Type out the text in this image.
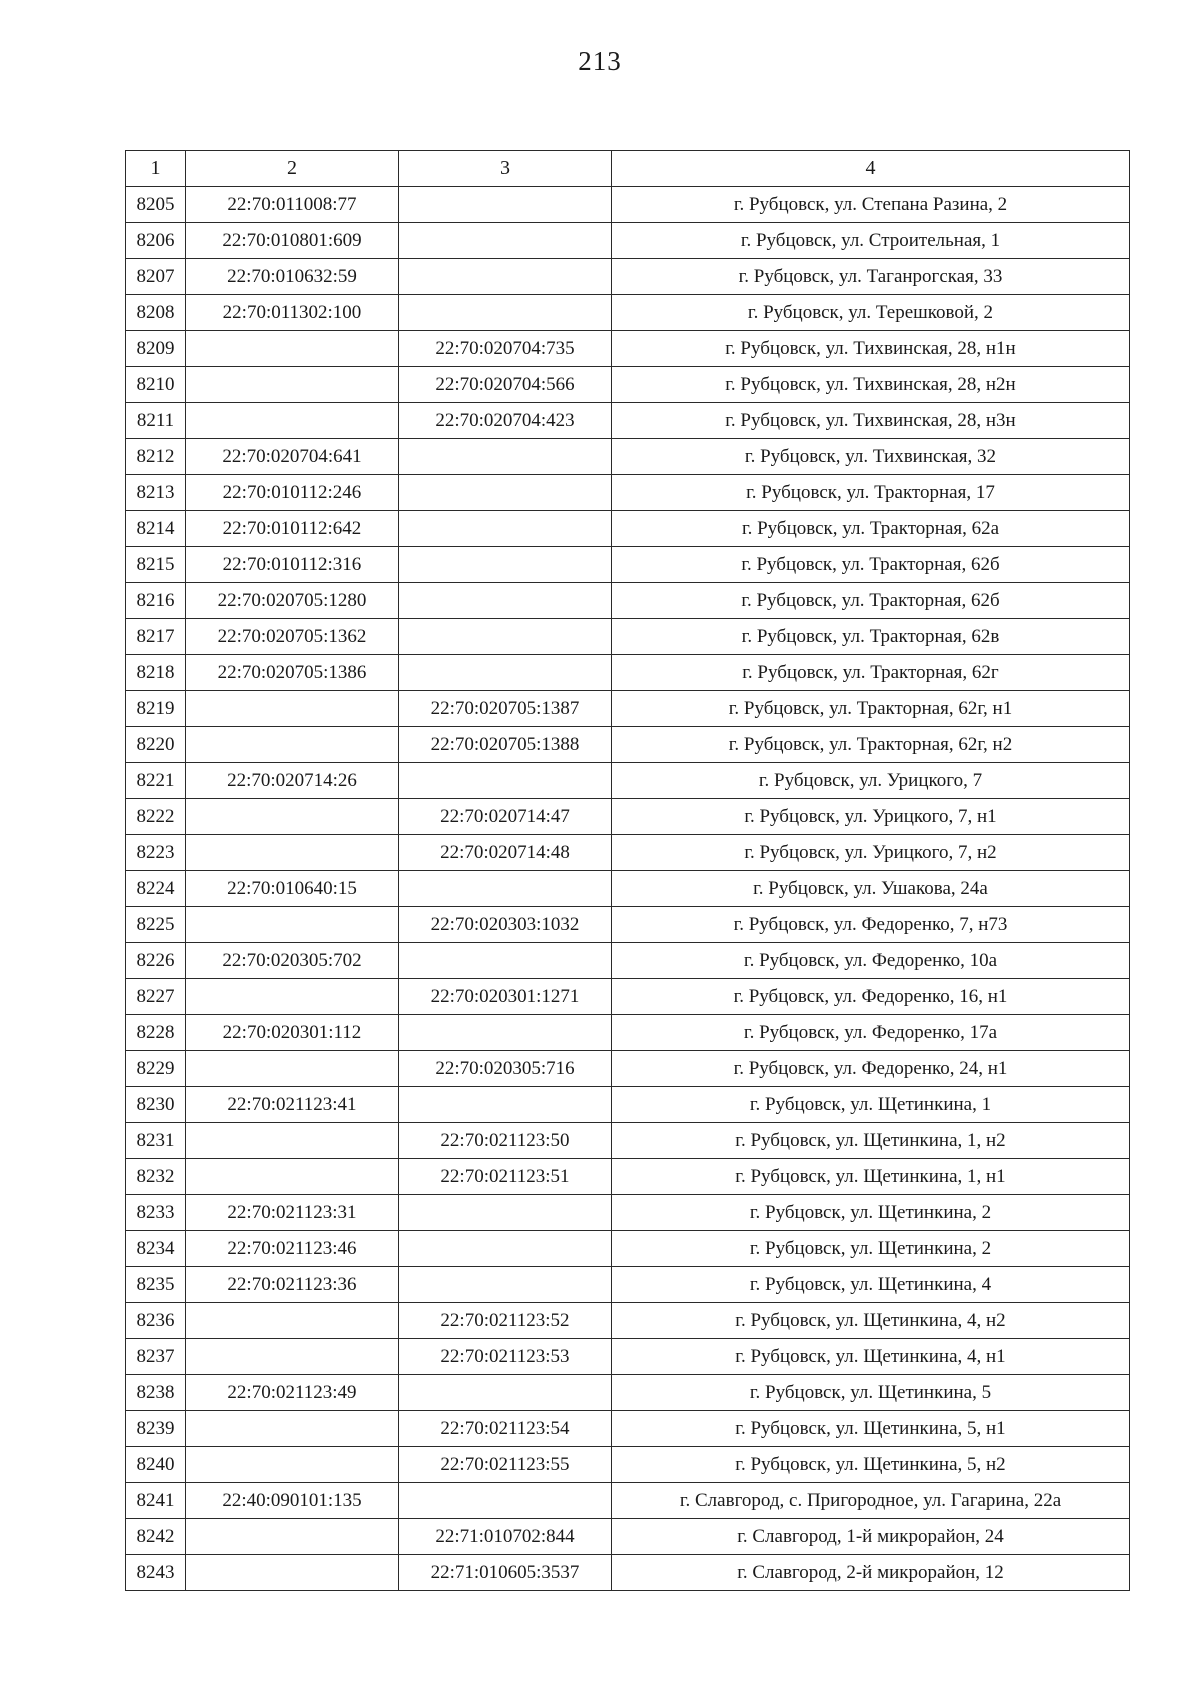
213
1	2	3	4
8205	22:70:011008:77		г. Рубцовск, ул. Степана Разина, 2
8206	22:70:010801:609		г. Рубцовск, ул. Строительная, 1
8207	22:70:010632:59		г. Рубцовск, ул. Таганрогская, 33
8208	22:70:011302:100		г. Рубцовск, ул. Терешковой, 2
8209		22:70:020704:735	г. Рубцовск, ул. Тихвинская, 28, н1н
8210		22:70:020704:566	г. Рубцовск, ул. Тихвинская, 28, н2н
8211		22:70:020704:423	г. Рубцовск, ул. Тихвинская, 28, н3н
8212	22:70:020704:641		г. Рубцовск, ул. Тихвинская, 32
8213	22:70:010112:246		г. Рубцовск, ул. Тракторная, 17
8214	22:70:010112:642		г. Рубцовск, ул. Тракторная, 62а
8215	22:70:010112:316		г. Рубцовск, ул. Тракторная, 62б
8216	22:70:020705:1280		г. Рубцовск, ул. Тракторная, 62б
8217	22:70:020705:1362		г. Рубцовск, ул. Тракторная, 62в
8218	22:70:020705:1386		г. Рубцовск, ул. Тракторная, 62г
8219		22:70:020705:1387	г. Рубцовск, ул. Тракторная, 62г, н1
8220		22:70:020705:1388	г. Рубцовск, ул. Тракторная, 62г, н2
8221	22:70:020714:26		г. Рубцовск, ул. Урицкого, 7
8222		22:70:020714:47	г. Рубцовск, ул. Урицкого, 7, н1
8223		22:70:020714:48	г. Рубцовск, ул. Урицкого, 7, н2
8224	22:70:010640:15		г. Рубцовск, ул. Ушакова, 24а
8225		22:70:020303:1032	г. Рубцовск, ул. Федоренко, 7, н73
8226	22:70:020305:702		г. Рубцовск, ул. Федоренко, 10а
8227		22:70:020301:1271	г. Рубцовск, ул. Федоренко, 16, н1
8228	22:70:020301:112		г. Рубцовск, ул. Федоренко, 17а
8229		22:70:020305:716	г. Рубцовск, ул. Федоренко, 24, н1
8230	22:70:021123:41		г. Рубцовск, ул. Щетинкина, 1
8231		22:70:021123:50	г. Рубцовск, ул. Щетинкина, 1, н2
8232		22:70:021123:51	г. Рубцовск, ул. Щетинкина, 1, н1
8233	22:70:021123:31		г. Рубцовск, ул. Щетинкина, 2
8234	22:70:021123:46		г. Рубцовск, ул. Щетинкина, 2
8235	22:70:021123:36		г. Рубцовск, ул. Щетинкина, 4
8236		22:70:021123:52	г. Рубцовск, ул. Щетинкина, 4, н2
8237		22:70:021123:53	г. Рубцовск, ул. Щетинкина, 4, н1
8238	22:70:021123:49		г. Рубцовск, ул. Щетинкина, 5
8239		22:70:021123:54	г. Рубцовск, ул. Щетинкина, 5, н1
8240		22:70:021123:55	г. Рубцовск, ул. Щетинкина, 5, н2
8241	22:40:090101:135		г. Славгород, с. Пригородное, ул. Гагарина, 22а
8242		22:71:010702:844	г. Славгород, 1-й микрорайон, 24
8243		22:71:010605:3537	г. Славгород, 2-й микрорайон, 12
